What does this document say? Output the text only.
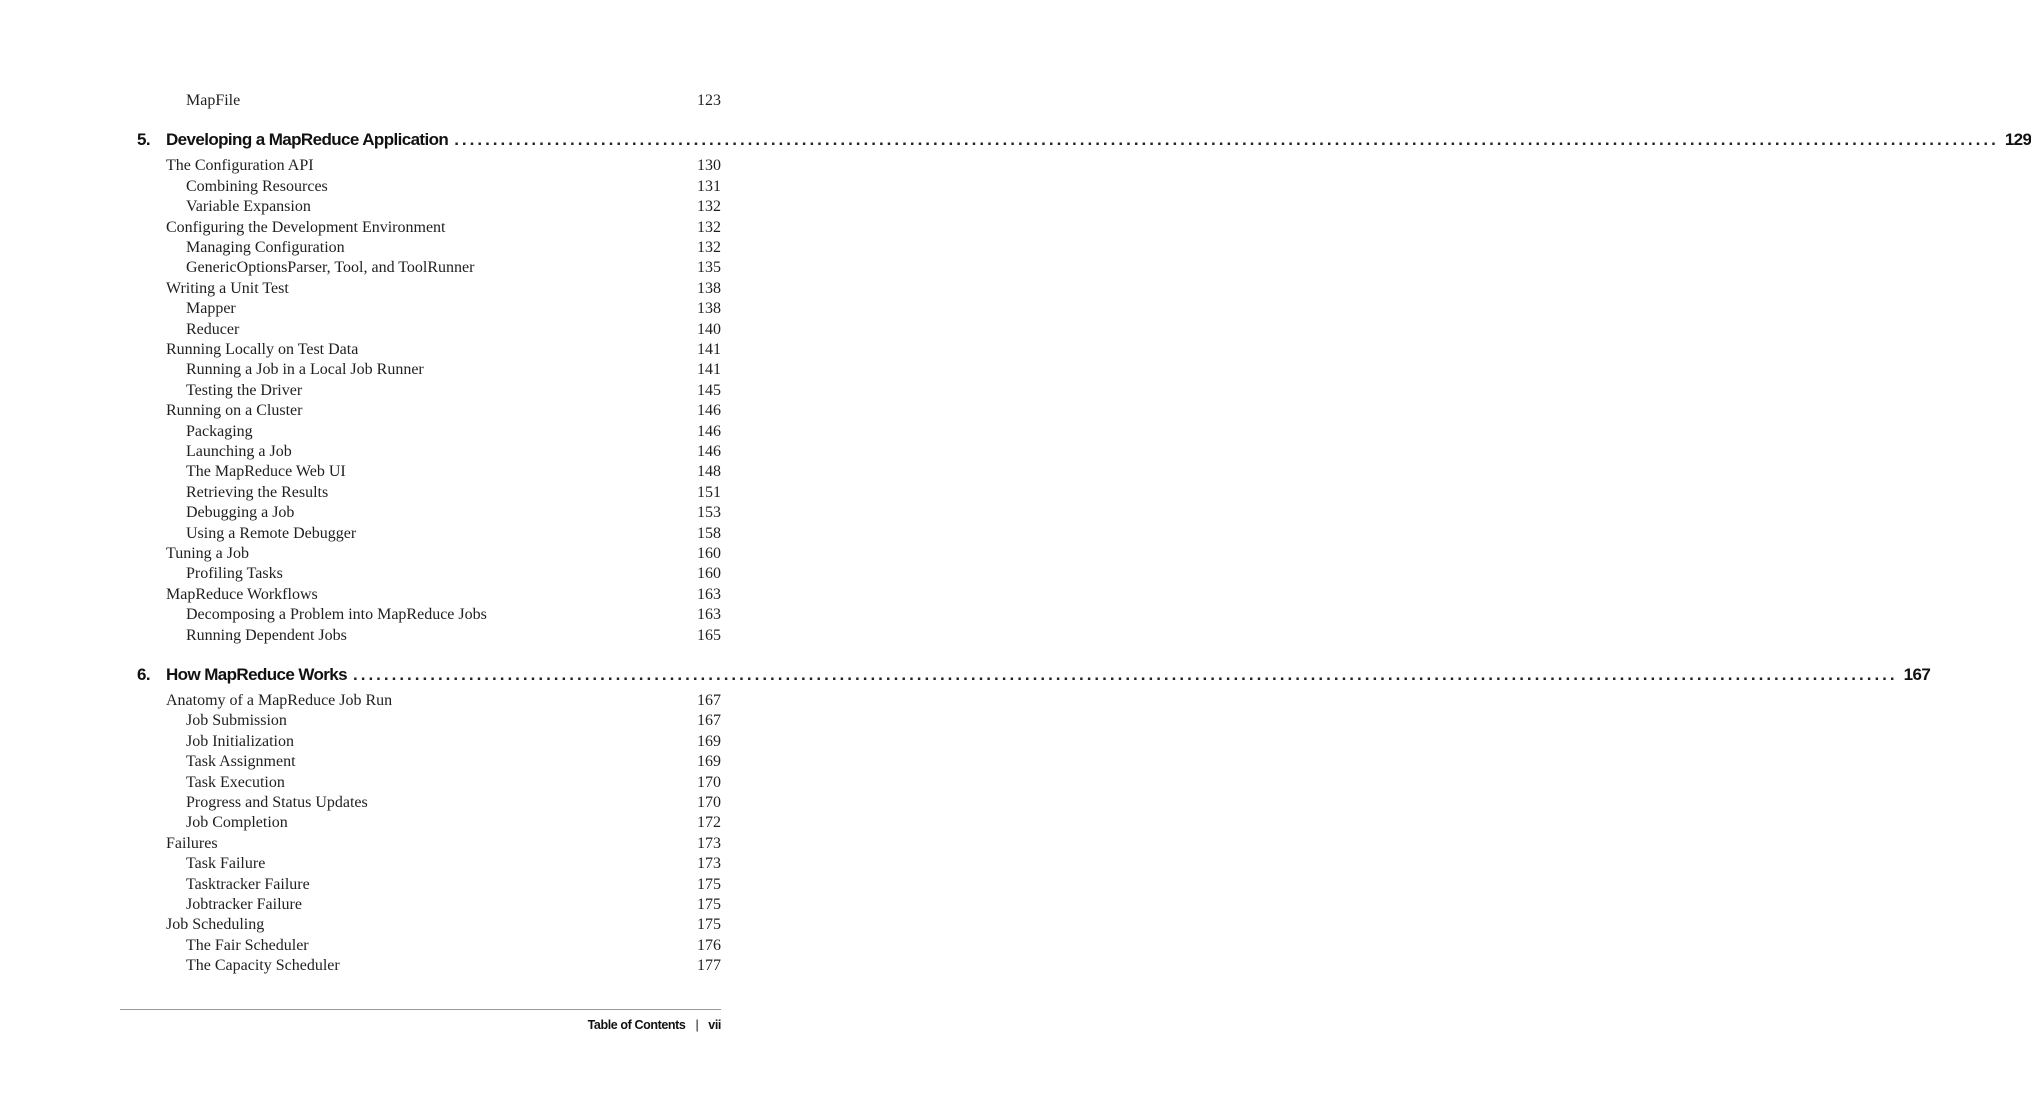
MapFile	123
5. Developing a MapReduce Application ........................................................................................................................................................................................................ 129
The Configuration API	130
Combining Resources	131
Variable Expansion	132
Configuring the Development Environment	132
Managing Configuration	132
GenericOptionsParser, Tool, and ToolRunner	135
Writing a Unit Test	138
Mapper	138
Reducer	140
Running Locally on Test Data	141
Running a Job in a Local Job Runner	141
Testing the Driver	145
Running on a Cluster	146
Packaging	146
Launching a Job	146
The MapReduce Web UI	148
Retrieving the Results	151
Debugging a Job	153
Using a Remote Debugger	158
Tuning a Job	160
Profiling Tasks	160
MapReduce Workflows	163
Decomposing a Problem into MapReduce Jobs	163
Running Dependent Jobs	165
6. How MapReduce Works ........................................................................................................................................................................................................ 167
Anatomy of a MapReduce Job Run	167
Job Submission	167
Job Initialization	169
Task Assignment	169
Task Execution	170
Progress and Status Updates	170
Job Completion	172
Failures	173
Task Failure	173
Tasktracker Failure	175
Jobtracker Failure	175
Job Scheduling	175
The Fair Scheduler	176
The Capacity Scheduler	177
Table of Contents | vii
